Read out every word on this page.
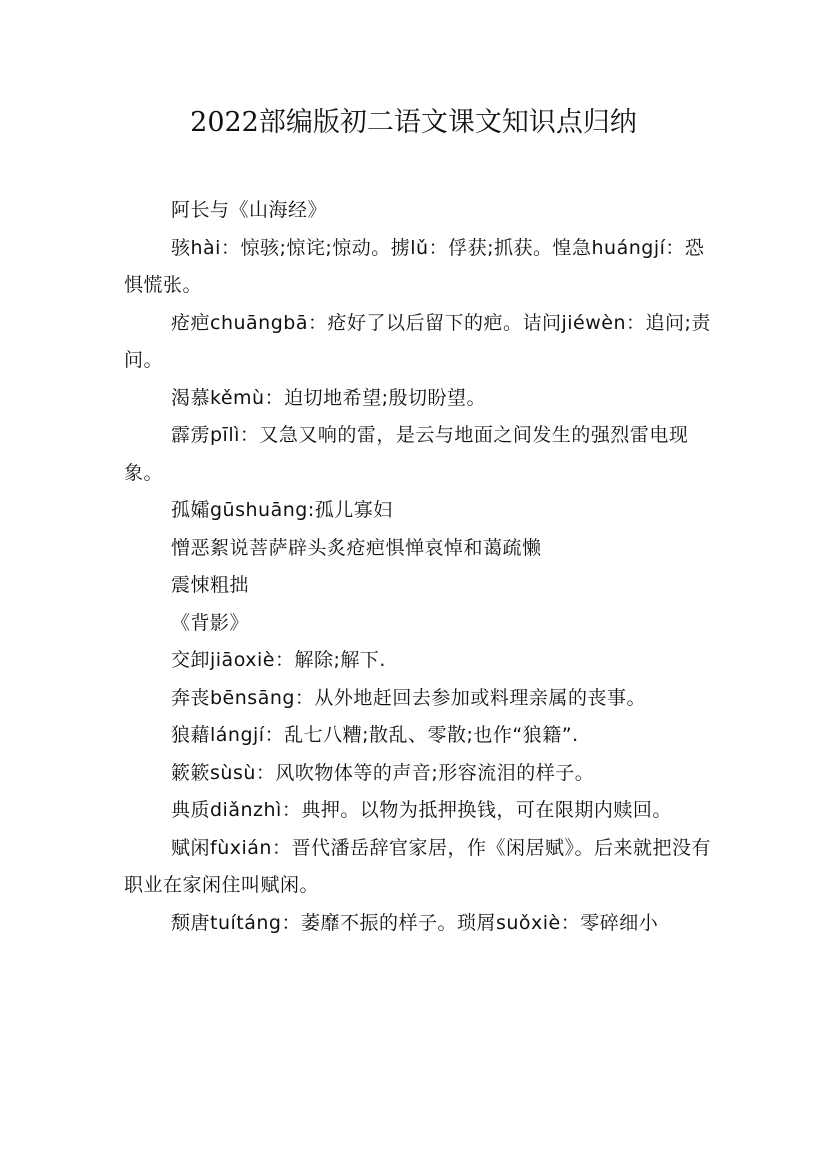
2022部编版初二语文课文知识点归纳

阿长与《山海经》

骇hài：惊骇;惊诧;惊动。掳lǔ：俘获;抓获。惶急huángjí：恐惧慌张。

疮疤chuāngbā：疮好了以后留下的疤。诘问jiéwèn：追问;责问。

渴慕kěmù：迫切地希望;殷切盼望。

霹雳pīlì：又急又响的雷，是云与地面之间发生的强烈雷电现象。

孤孀gūshuāng:孤儿寡妇

憎恶絮说菩萨辟头炙疮疤惧惮哀悼和蔼疏懒

震悚粗拙

《背影》

交卸jiāoxiè：解除;解下.

奔丧bēnsāng：从外地赶回去参加或料理亲属的丧事。

狼藉lángjí：乱七八糟;散乱、零散;也作“狼籍”.

簌簌sùsù：风吹物体等的声音;形容流泪的样子。

典质diǎnzhì：典押。以物为抵押换钱，可在限期内赎回。

赋闲fùxián：晋代潘岳辞官家居，作《闲居赋》。后来就把没有职业在家闲住叫赋闲。

颓唐tuítáng：萎靡不振的样子。琐屑suǒxiè：零碎细小
